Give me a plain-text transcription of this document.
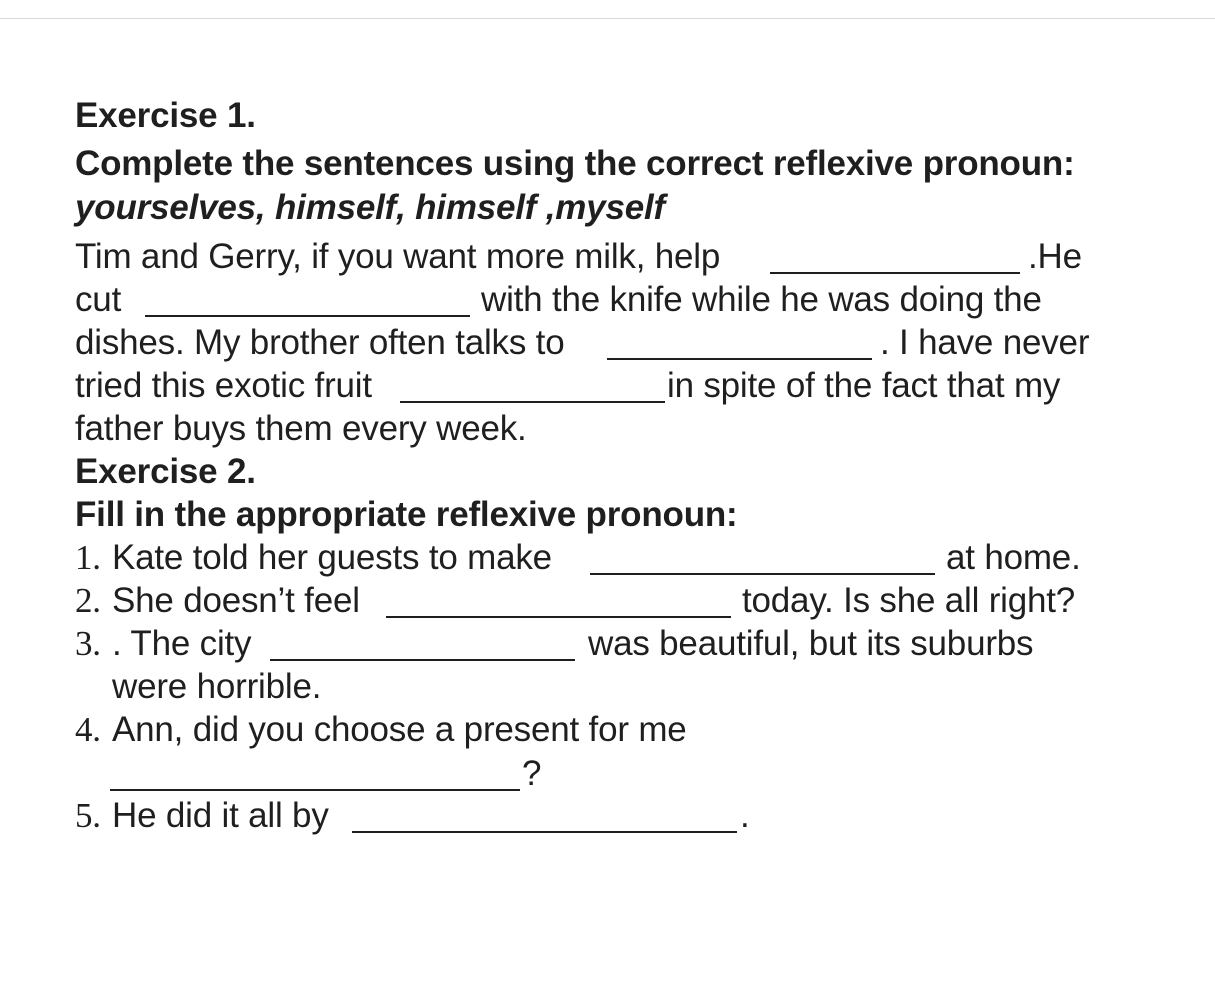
Exercise 1.
Complete the sentences using the correct reflexive pronoun:
yourselves, himself, himself ,myself
Tim and Gerry, if you want more milk, help	.He
cut	with the knife while he was doing the
dishes. My brother often talks to	. I have never
tried this exotic fruit	in spite of the fact that my
father buys them every week.
Exercise 2.
Fill in the appropriate reflexive pronoun:
1. Kate told her guests to make	at home.
2. She doesn’t feel	today. Is she all right?
3. . The city	was beautiful, but its suburbs
were horrible.
4. Ann, did you choose a present for me
?
5. He did it all by	.
